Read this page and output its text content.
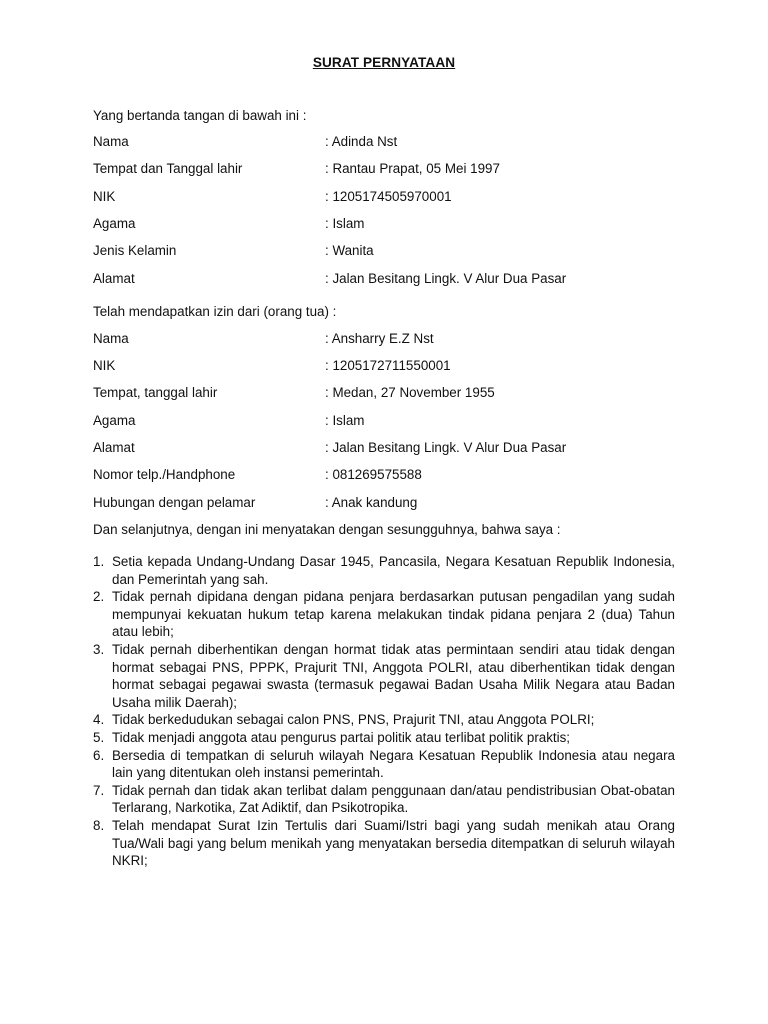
SURAT PERNYATAAN
Yang bertanda tangan di bawah ini :
Nama	: Adinda Nst
Tempat dan Tanggal lahir	: Rantau Prapat, 05 Mei 1997
NIK	: 1205174505970001
Agama	: Islam
Jenis Kelamin	: Wanita
Alamat	: Jalan Besitang Lingk. V Alur Dua Pasar
Telah mendapatkan izin dari (orang tua) :
Nama	: Ansharry E.Z Nst
NIK	: 1205172711550001
Tempat, tanggal lahir	: Medan, 27 November 1955
Agama	: Islam
Alamat	: Jalan Besitang Lingk. V Alur Dua Pasar
Nomor telp./Handphone	: 081269575588
Hubungan dengan pelamar	: Anak kandung
Dan selanjutnya, dengan ini menyatakan dengan sesungguhnya, bahwa saya :
1. Setia kepada Undang-Undang Dasar 1945, Pancasila, Negara Kesatuan Republik Indonesia, dan Pemerintah yang sah.
2. Tidak pernah dipidana dengan pidana penjara berdasarkan putusan pengadilan yang sudah mempunyai kekuatan hukum tetap karena melakukan tindak pidana penjara 2 (dua) Tahun atau lebih;
3. Tidak pernah diberhentikan dengan hormat tidak atas permintaan sendiri atau tidak dengan hormat sebagai PNS, PPPK, Prajurit TNI, Anggota POLRI, atau diberhentikan tidak dengan hormat sebagai pegawai swasta (termasuk pegawai Badan Usaha Milik Negara atau Badan Usaha milik Daerah);
4. Tidak berkedudukan sebagai calon PNS, PNS, Prajurit TNI, atau Anggota POLRI;
5. Tidak menjadi anggota atau pengurus partai politik atau terlibat politik praktis;
6. Bersedia di tempatkan di seluruh wilayah Negara Kesatuan Republik Indonesia atau negara lain yang ditentukan oleh instansi pemerintah.
7. Tidak pernah dan tidak akan terlibat dalam penggunaan dan/atau pendistribusian Obat-obatan Terlarang, Narkotika, Zat Adiktif, dan Psikotropika.
8. Telah mendapat Surat Izin Tertulis dari Suami/Istri bagi yang sudah menikah atau Orang Tua/Wali bagi yang belum menikah yang menyatakan bersedia ditempatkan di seluruh wilayah NKRI;
